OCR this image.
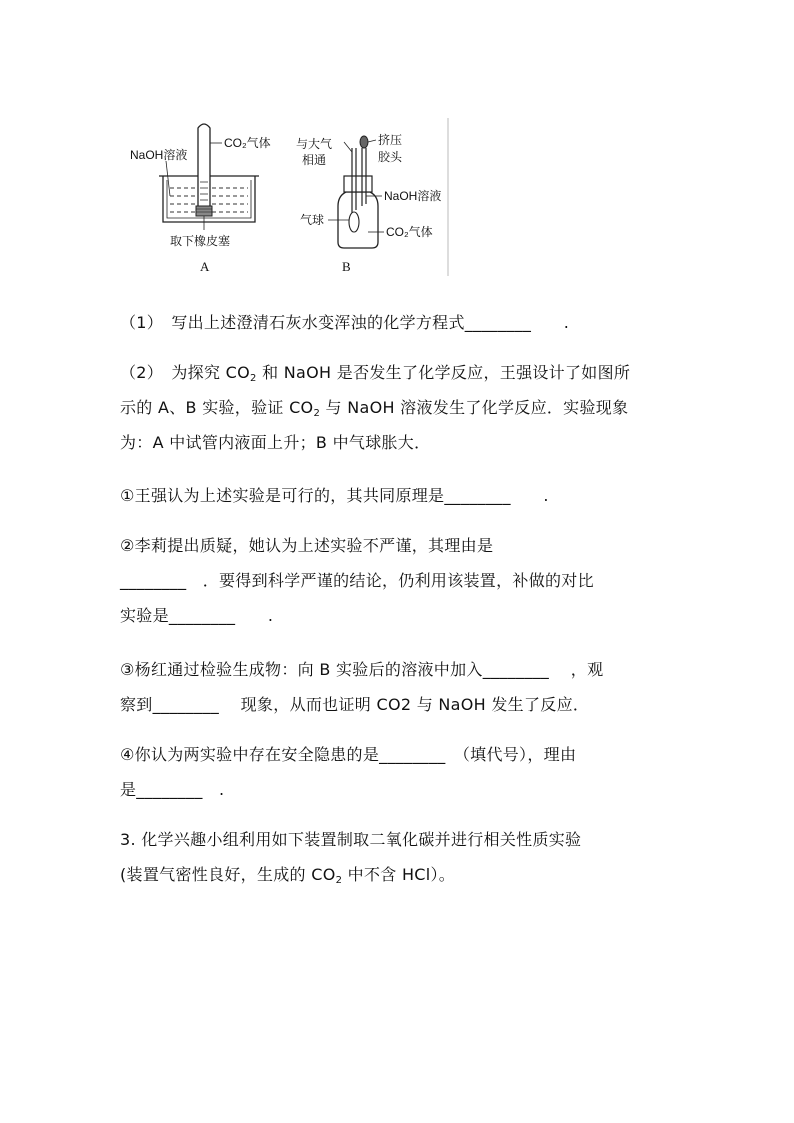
NaOH溶液
CO₂气体
取下橡皮塞
A
与大气
相通
挤压
胶头
NaOH溶液
气球
CO₂气体
B
（1）　写出上述澄清石灰水变浑浊的化学方程式________　　.
（2）　为探究 $CO_2$ 和 NaOH 是否发生了化学反应，王强设计了如图所
示的 A、B 实验，验证 $CO_2$ 与 NaOH 溶液发生了化学反应．实验现象
为：A 中试管内液面上升；B 中气球胀大．
①王强认为上述实验是可行的，其共同原理是________　　.
②李莉提出质疑，她认为上述实验不严谨，其理由是
________　．要得到科学严谨的结论，仍利用该装置，补做的对比
实验是________　　.
③杨红通过检验生成物：向 B 实验后的溶液中加入________　 ，观
察到________　 现象，从而也证明 CO2 与 NaOH 发生了反应．
④你认为两实验中存在安全隐患的是________　（填代号），理由
是________　.
3. 化学兴趣小组利用如下装置制取二氧化碳并进行相关性质实验
(装置气密性良好，生成的 $CO_2$ 中不含 HCl）。
